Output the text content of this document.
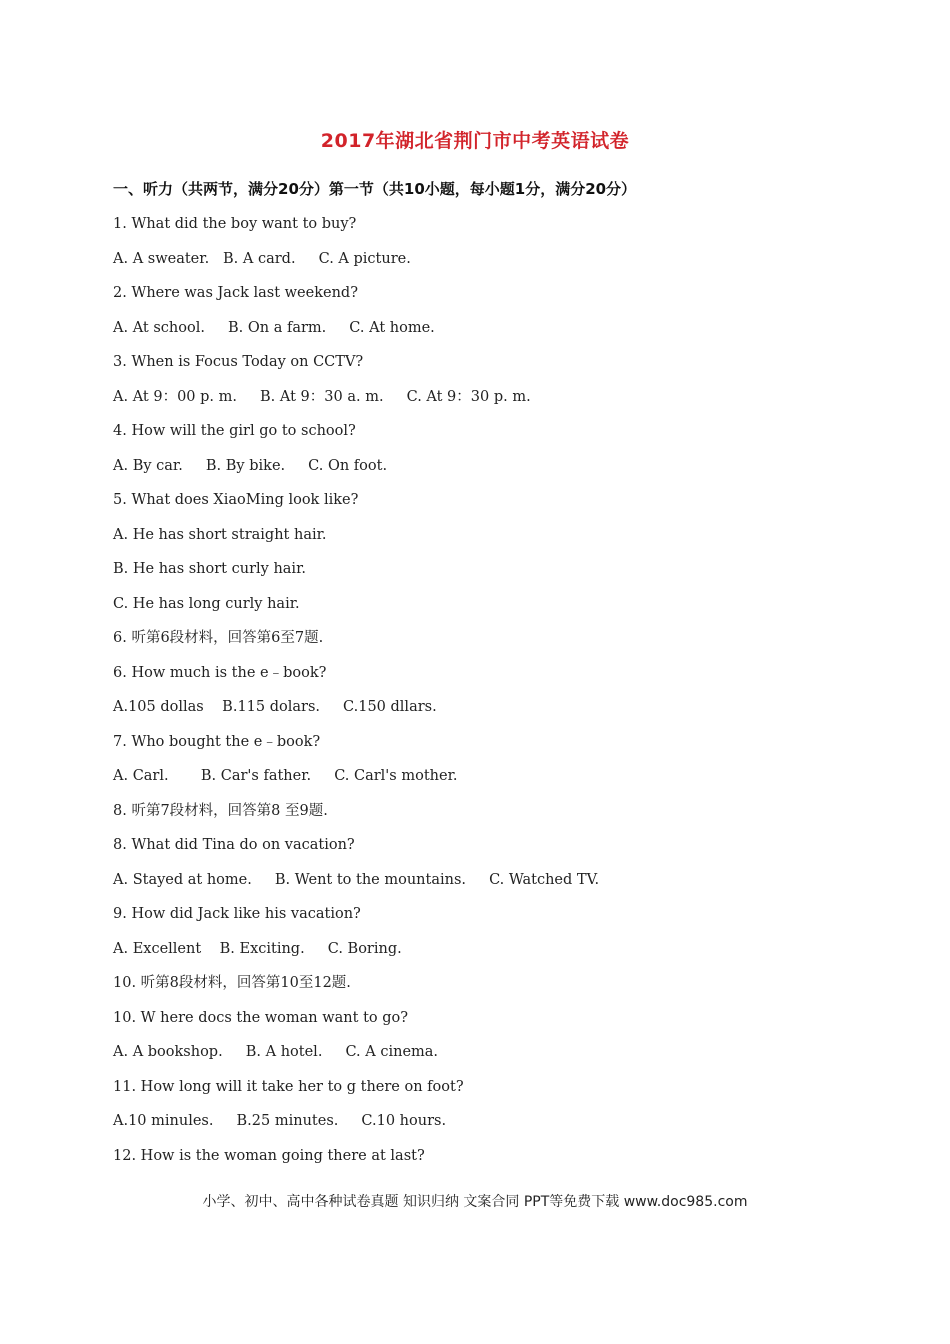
2017年湖北省荆门市中考英语试卷
一、听力（共两节，满分20分）第一节（共10小题，每小题1分，满分20分）
1. What did the boy want to buy?
A. A sweater.   B. A card.     C. A picture.
2. Where was Jack last weekend?
A. At school.     B. On a farm.     C. At home.
3. When is Focus Today on CCTV?
A. At 9：00 p. m.     B. At 9：30 a. m.     C. At 9：30 p. m.
4. How will the girl go to school?
A. By car.     B. By bike.     C. On foot.
5. What does XiaoMing look like?
A. He has short straight hair.
B. He has short curly hair.
C. He has long curly hair.
6. 听第6段材料，回答第6至7题.
6. How much is the e﹣book?
A.105 dollas    B.115 dolars.     C.150 dllars.
7. Who bought the e﹣book?
A. Carl.       B. Car's father.     C. Carl's mother.
8. 听第7段材料，回答第8 至9题.
8. What did Tina do on vacation?
A. Stayed at home.     B. Went to the mountains.     C. Watched TV.
9. How did Jack like his vacation?
A. Excellent    B. Exciting.     C. Boring.
10. 听第8段材料，回答第10至12题.
10. W here docs the woman want to go?
A. A bookshop.     B. A hotel.     C. A cinema.
11. How long will it take her to g there on foot?
A.10 minules.     B.25 minutes.     C.10 hours.
12. How is the woman going there at last?
小学、初中、高中各种试卷真题 知识归纳 文案合同 PPT等免费下载 www.doc985.com
